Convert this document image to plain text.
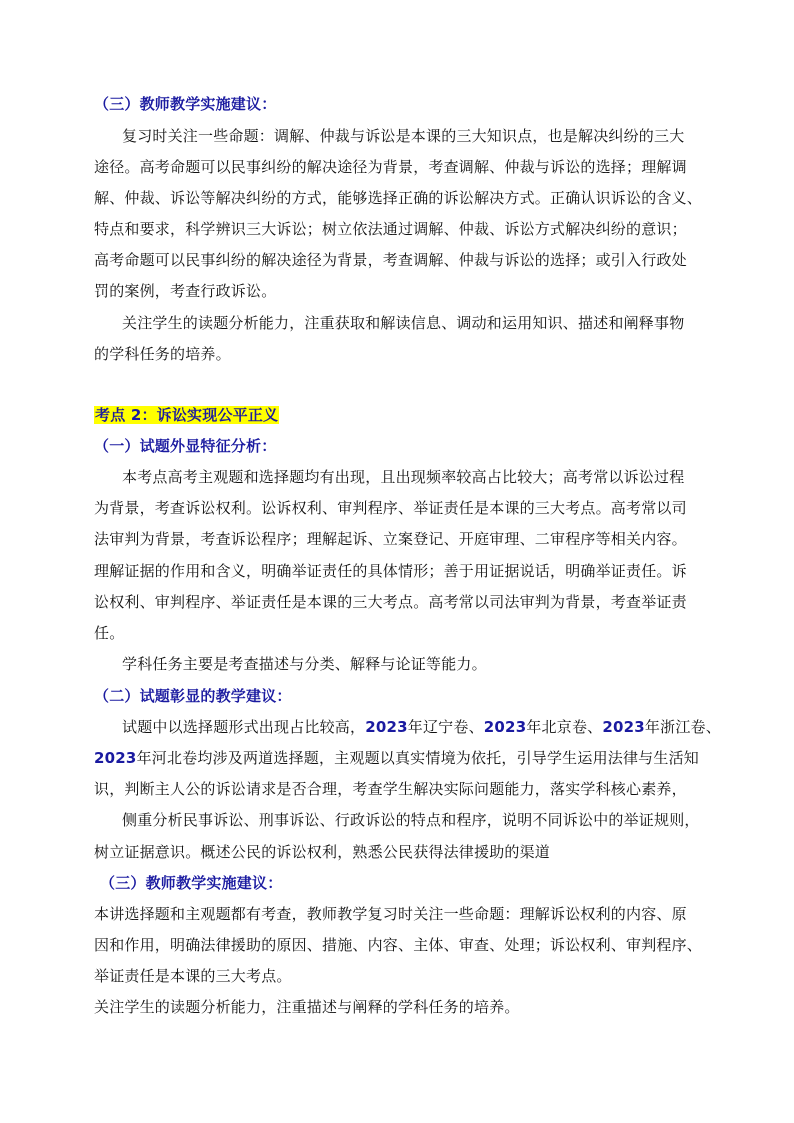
（三）教师教学实施建议：
复习时关注一些命题：调解、仲裁与诉讼是本课的三大知识点，也是解决纠纷的三大
途径。高考命题可以民事纠纷的解决途径为背景，考查调解、仲裁与诉讼的选择；理解调
解、仲裁、诉讼等解决纠纷的方式，能够选择正确的诉讼解决方式。正确认识诉讼的含义、
特点和要求，科学辨识三大诉讼；树立依法通过调解、仲裁、诉讼方式解决纠纷的意识；
高考命题可以民事纠纷的解决途径为背景，考查调解、仲裁与诉讼的选择；或引入行政处
罚的案例，考查行政诉讼。
关注学生的读题分析能力，注重获取和解读信息、调动和运用知识、描述和阐释事物
的学科任务的培养。
考点 2：诉讼实现公平正义
（一）试题外显特征分析：
本考点高考主观题和选择题均有出现，且出现频率较高占比较大；高考常以诉讼过程
为背景，考查诉讼权利。讼诉权利、审判程序、举证责任是本课的三大考点。高考常以司
法审判为背景，考查诉讼程序；理解起诉、立案登记、开庭审理、二审程序等相关内容。
理解证据的作用和含义，明确举证责任的具体情形；善于用证据说话，明确举证责任。诉
讼权利、审判程序、举证责任是本课的三大考点。高考常以司法审判为背景，考查举证责
任。
学科任务主要是考查描述与分类、解释与论证等能力。
（二）试题彰显的教学建议：
试题中以选择题形式出现占比较高，2023年辽宁卷、2023年北京卷、2023年浙江卷、
2023年河北卷均涉及两道选择题，主观题以真实情境为依托，引导学生运用法律与生活知
识，判断主人公的诉讼请求是否合理，考查学生解决实际问题能力，落实学科核心素养，
侧重分析民事诉讼、刑事诉讼、行政诉讼的特点和程序，说明不同诉讼中的举证规则，
树立证据意识。概述公民的诉讼权利，熟悉公民获得法律援助的渠道
（三）教师教学实施建议：
本讲选择题和主观题都有考查，教师教学复习时关注一些命题：理解诉讼权利的内容、原
因和作用，明确法律援助的原因、措施、内容、主体、审查、处理；诉讼权利、审判程序、
举证责任是本课的三大考点。
关注学生的读题分析能力，注重描述与阐释的学科任务的培养。
